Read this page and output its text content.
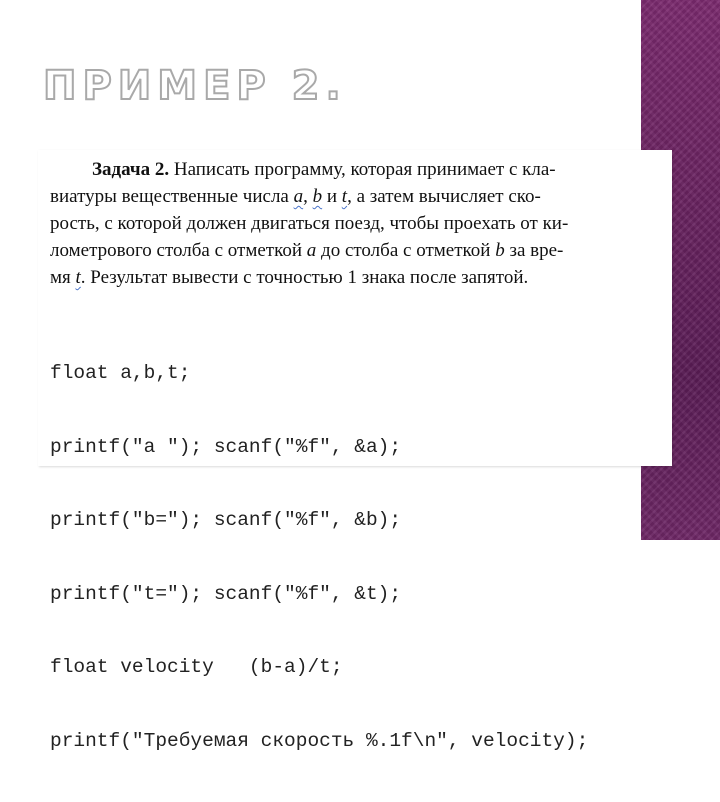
ПРИМЕР 2.

Задача 2. Написать программу, которая принимает с кла-
виатуры вещественные числа a, b и t, а затем вычисляет ско-
рость, с которой должен двигаться поезд, чтобы проехать от ки-
лометрового столба с отметкой a до столба с отметкой b за вре-
мя t. Результат вывести с точностью 1 знака после запятой.

float a,b,t;

printf("a "); scanf("%f", &a);

printf("b="); scanf("%f", &b);

printf("t="); scanf("%f", &t);

float velocity   (b-a)/t;

printf("Требуемая скорость %.1f\n", velocity);
